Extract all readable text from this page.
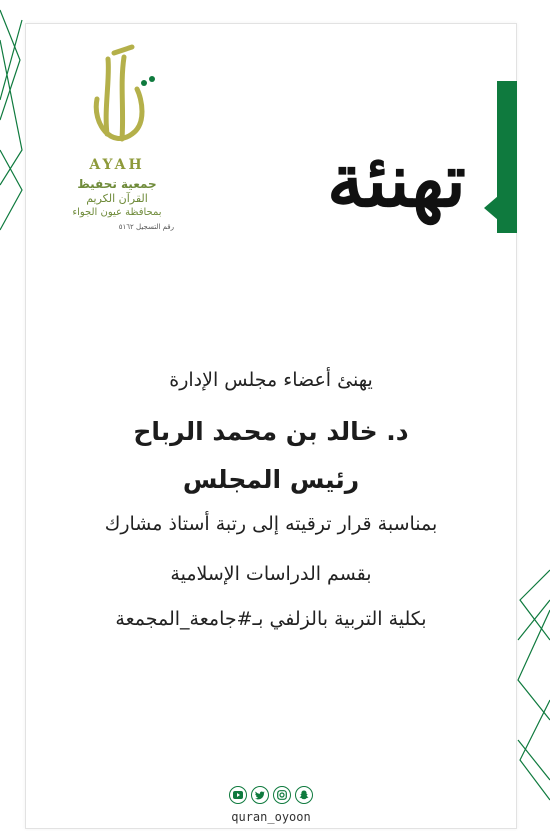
AYAH
جمعية تحفيظ
القرآن الكريم
بمحافظة عيون الجواء
رقم التسجيل ٥١٦٢
تهنئة
يهنئ أعضاء مجلس الإدارة
د. خالد بن محمد الرباح
رئيس المجلس
بمناسبة قرار ترقيته إلى رتبة أستاذ مشارك
بقسم الدراسات الإسلامية
بكلية التربية بالزلفي بـ#جامعة_المجمعة
quran_oyoon
